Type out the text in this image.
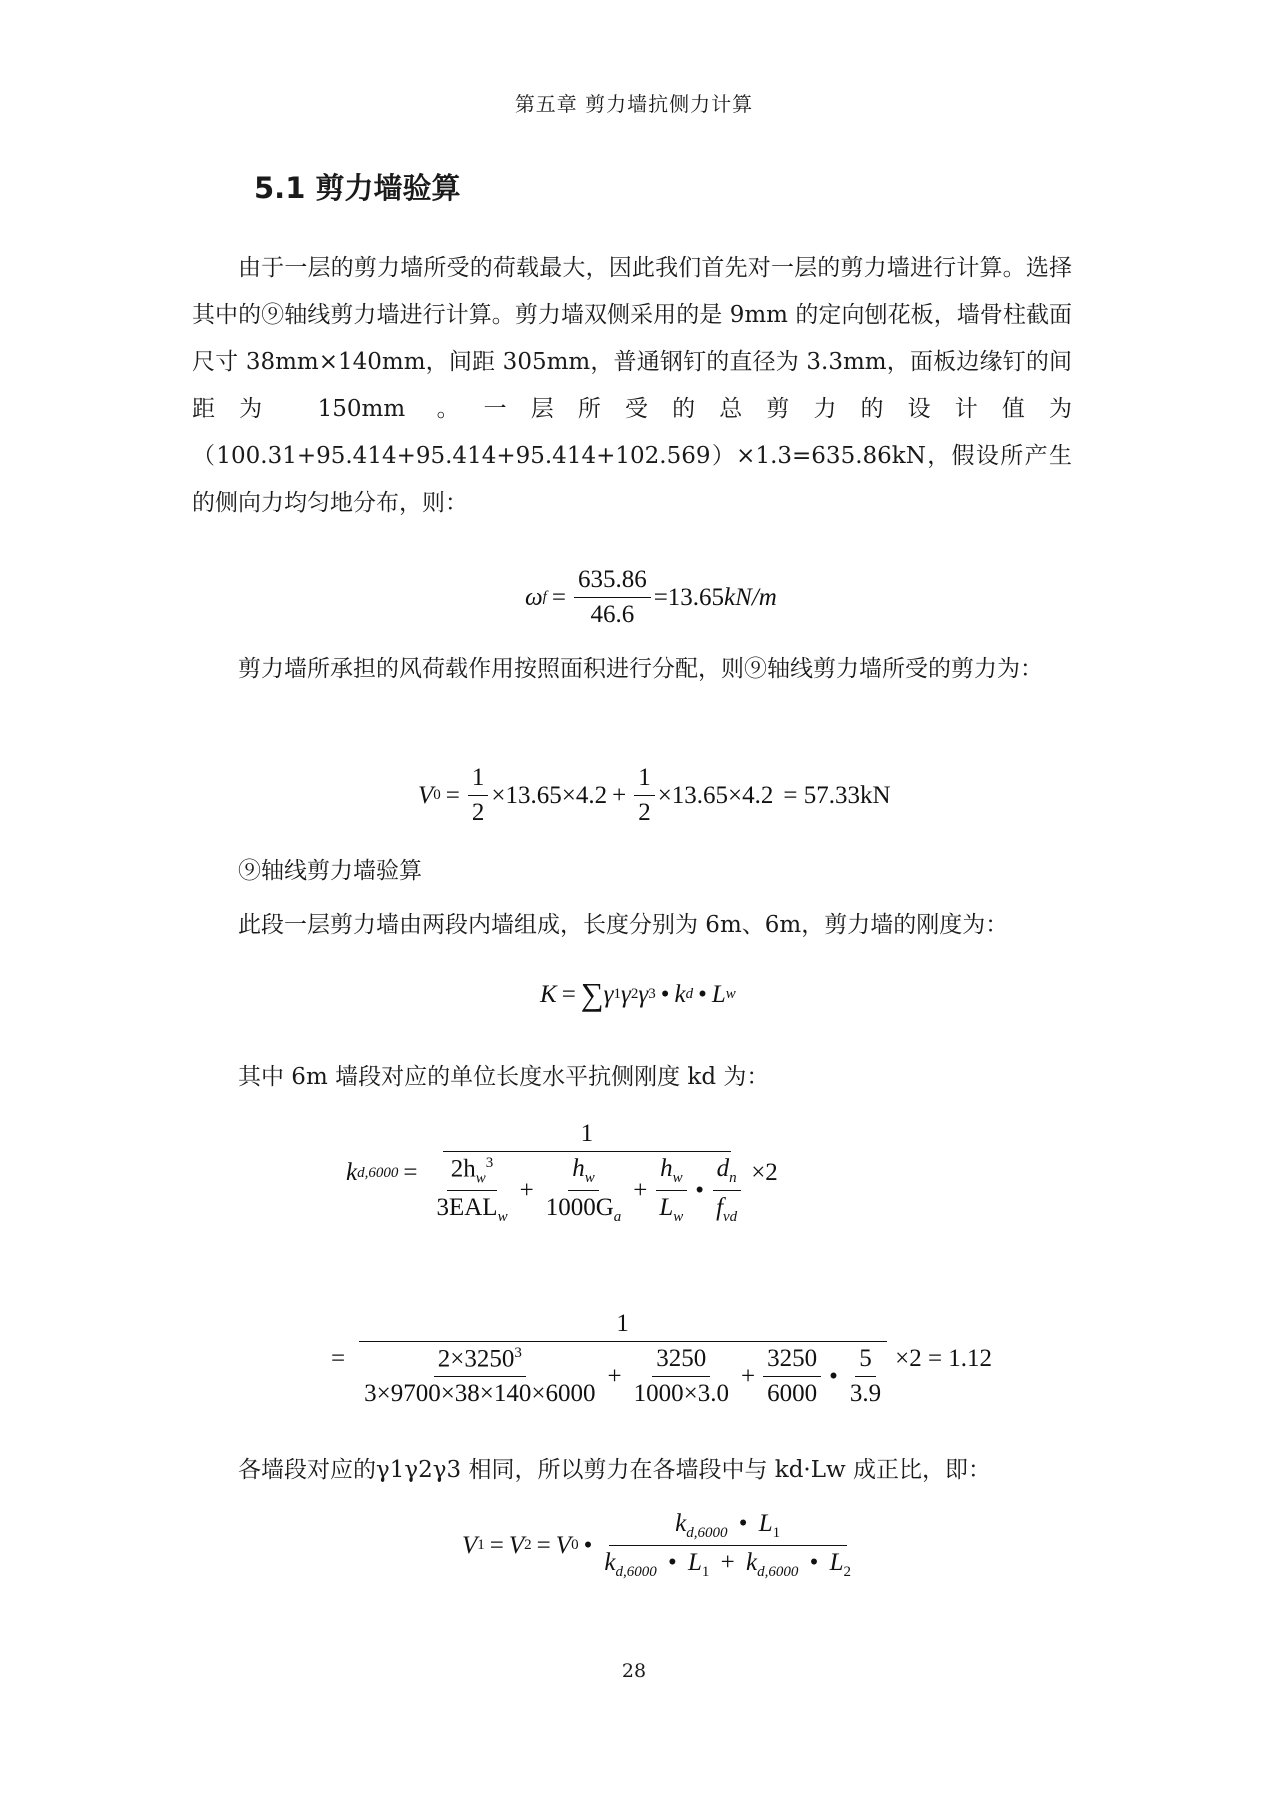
第五章 剪力墙抗侧力计算
5.1 剪力墙验算

由于一层的剪力墙所受的荷载最大，因此我们首先对一层的剪力墙进行计算。选择其中的⑨轴线剪力墙进行计算。剪力墙双侧采用的是 9mm 的定向刨花板，墙骨柱截面尺寸 38mm×140mm，间距 305mm，普通钢钉的直径为 3.3mm，面板边缘钉的间距为 150mm 。一层所受的总剪力的设计值为（100.31+95.414+95.414+95.414+102.569）×1.3=635.86kN，假设所产生的侧向力均匀地分布，则：

ω $f = \frac{635.86}{46.6} =13.65$ kN/m

剪力墙所承担的风荷载作用按照面积进行分配，则⑨轴线剪力墙所受的剪力为：

V $0 = \frac{1}{2} \times 13.65\times 4.2 + \frac{1}{2} \times 13.65\times 4.2 = 57.33kN$
⑨轴线剪力墙验算
此段一层剪力墙由两段内墙组成，长度分别为 6m、6m，剪力墙的刚度为：
K = ∑ γ 1 γ 2 γ 3 • k d • L w
其中 6m 墙段对应的单位长度水平抗侧刚度 kd 为：
k d,6000 =
1
$\frac{2h_w^3}{3EAL_w} + \frac{h_w}{1000G_a} + \frac{h_w}{L_w}$ • $\frac{d_n}{f_{vd}} \times 2$
=
1
$\frac{2\times 3250^3}{3\times 9700\times 38\times 140\times 6000} + \frac{3250}{1000\times 3.0} + \frac{3250}{6000}$ • $\frac{5}{3.9} \times 2 = 1.12$
各墙段对应的γ1γ2γ3 相同，所以剪力在各墙段中与 kd·Lw 成正比，即：
V 1 = V 2 = V 0 •
$k_{d,6000}$ • $L_1$
$k_{d,6000}$ • $L_1 + k_{d,6000}$ • $L_2$
28
